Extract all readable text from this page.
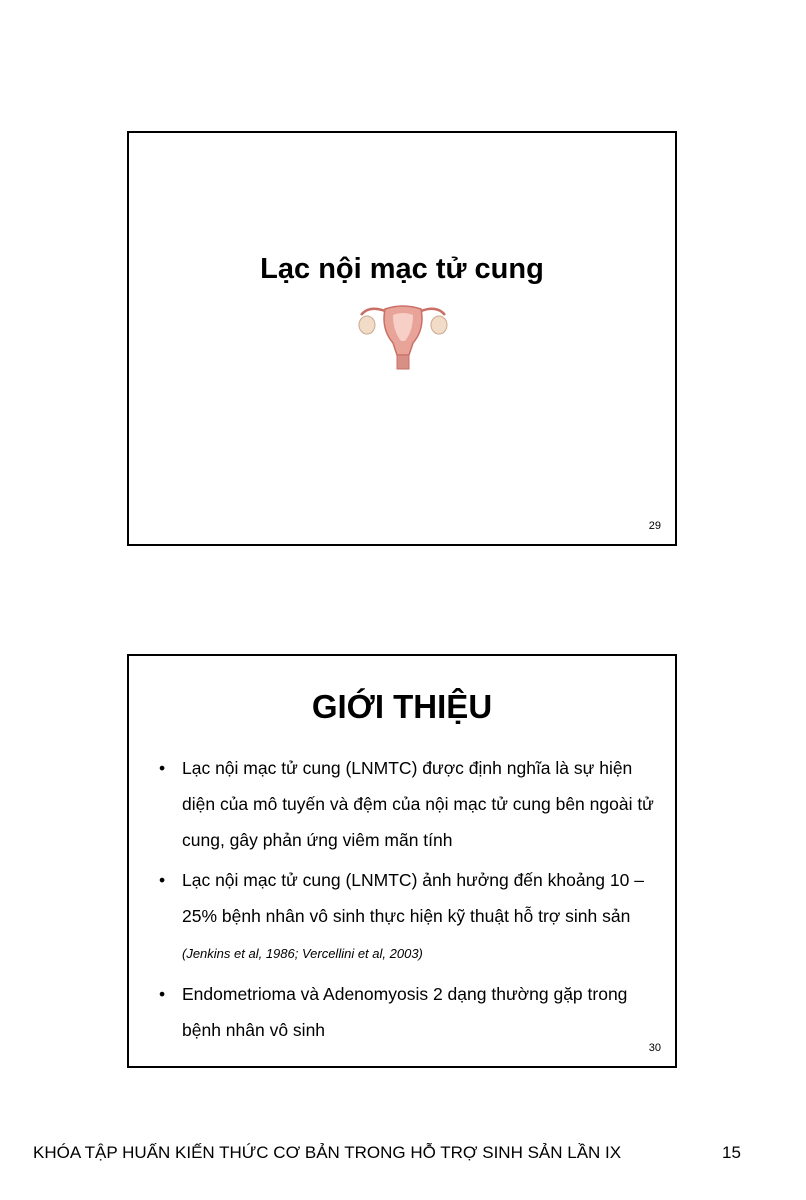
Lạc nội mạc tử cung
29
GIỚI THIỆU
• Lạc nội mạc tử cung (LNMTC) được định nghĩa là sự hiện diện của mô tuyến và đệm của nội mạc tử cung bên ngoài tử cung, gây phản ứng viêm mãn tính
• Lạc nội mạc tử cung (LNMTC) ảnh hưởng đến khoảng 10 – 25% bệnh nhân vô sinh thực hiện kỹ thuật hỗ trợ sinh sản (Jenkins et al, 1986; Vercellini et al, 2003)
• Endometrioma và Adenomyosis 2 dạng thường gặp trong bệnh nhân vô sinh
30
KHÓA TẬP HUẤN KIẾN THỨC CƠ BẢN TRONG HỖ TRỢ SINH SẢN LẦN IX	15
